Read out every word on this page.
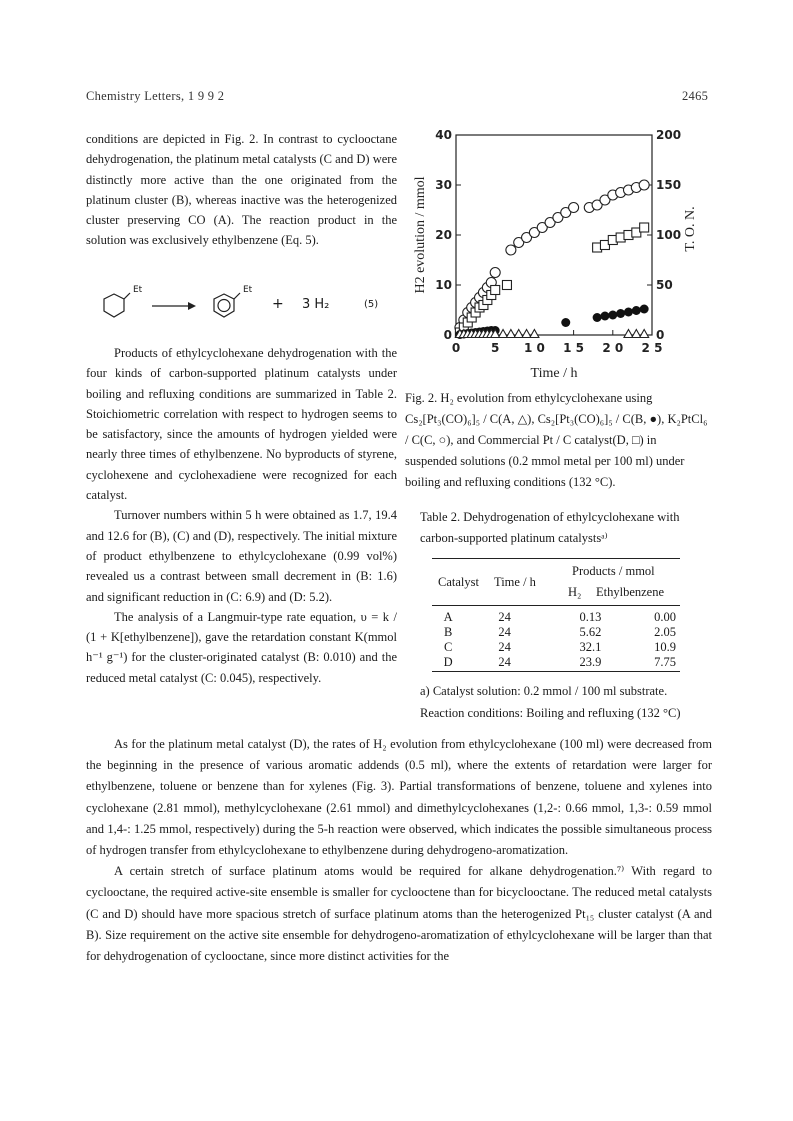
Chemistry Letters, 1 9 9 2	2465

conditions are depicted in Fig. 2. In contrast to cyclooctane dehydrogenation, the platinum metal catalysts (C and D) were distinctly more active than the one originated from the platinum cluster (B), whereas inactive was the heterogenized cluster preserving CO (A). The reaction product in the solution was exclusively ethylbenzene (Eq. 5).

Et	Et
+ 3 H₂	(5)

Products of ethylcyclohexane dehydrogenation with the four kinds of carbon-supported platinum catalysts under boiling and refluxing conditions are summarized in Table 2. Stoichiometric correlation with respect to hydrogen seems to be satisfactory, since the amounts of hydrogen yielded were nearly three times of ethylbenzene. No byproducts of styrene, cyclohexene and cyclohexadiene were recognized for each catalyst.

Turnover numbers within 5 h were obtained as 1.7, 19.4 and 12.6 for (B), (C) and (D), respectively. The initial mixture of product ethylbenzene to ethylcyclohexane (0.99 vol%) revealed us a contrast between small decrement in (B: 1.6) and significant reduction in (C: 6.9) and (D: 5.2).

The analysis of a Langmuir-type rate equation, υ = k / (1 + K[ethylbenzene]), gave the retardation constant K(mmol h⁻¹ g⁻¹) for the cluster-originated catalyst (B: 0.010) and the reduced metal catalyst (C: 0.045), respectively.

0
10
20
30
40
0
50
100
150
200
0	5 1 0 1 5 2 0 2 5
Time / h
H2 evolution / mmol	T. O. N.
Fig. 2. H₂ evolution from ethylcyclohexane using Cs₂[Pt₃(CO)₆]₅ / C(A, △), Cs₂[Pt₃(CO)₆]₅ / C(B, ●), K₂PtCl₆ / C(C, ○), and Commercial Pt / C catalyst(D, □) in suspended solutions (0.2 mmol metal per 100 ml) under boiling and refluxing conditions (132 °C).
Table 2. Dehydrogenation of ethylcyclohexane with carbon-supported platinum catalystsᵃ⁾
Catalyst Time / h
Products / mmol
H₂ Ethylbenzene
A	24	0.13	0.00
B	24	5.62	2.05
C	24	32.1	10.9
D	24	23.9	7.75
a) Catalyst solution: 0.2 mmol / 100 ml substrate.
Reaction conditions: Boiling and refluxing (132 °C)

As for the platinum metal catalyst (D), the rates of H₂ evolution from ethylcyclohexane (100 ml) were decreased from the beginning in the presence of various aromatic addends (0.5 ml), where the extents of retardation were larger for ethylbenzene, toluene or benzene than for xylenes (Fig. 3). Partial transformations of benzene, toluene and xylenes into cyclohexane (2.81 mmol), methylcyclohexane (2.61 mmol) and dimethylcyclohexanes (1,2-: 0.66 mmol, 1,3-: 0.59 mmol and 1,4-: 1.25 mmol, respectively) during the 5-h reaction were observed, which indicates the possible simultaneous process of hydrogen transfer from ethylcyclohexane to ethylbenzene during dehydrogeno-aromatization.

A certain stretch of surface platinum atoms would be required for alkane dehydrogenation.⁷⁾ With regard to cyclooctane, the required active-site ensemble is smaller for cyclooctene than for bicyclooctane. The reduced metal catalysts (C and D) should have more spacious stretch of surface platinum atoms than the heterogenized Pt₁₅ cluster catalyst (A and B). Size requirement on the active site ensemble for dehydrogeno-aromatization of ethylcyclohexane will be larger than that for dehydrogenation of cyclooctane, since more distinct activities for the
